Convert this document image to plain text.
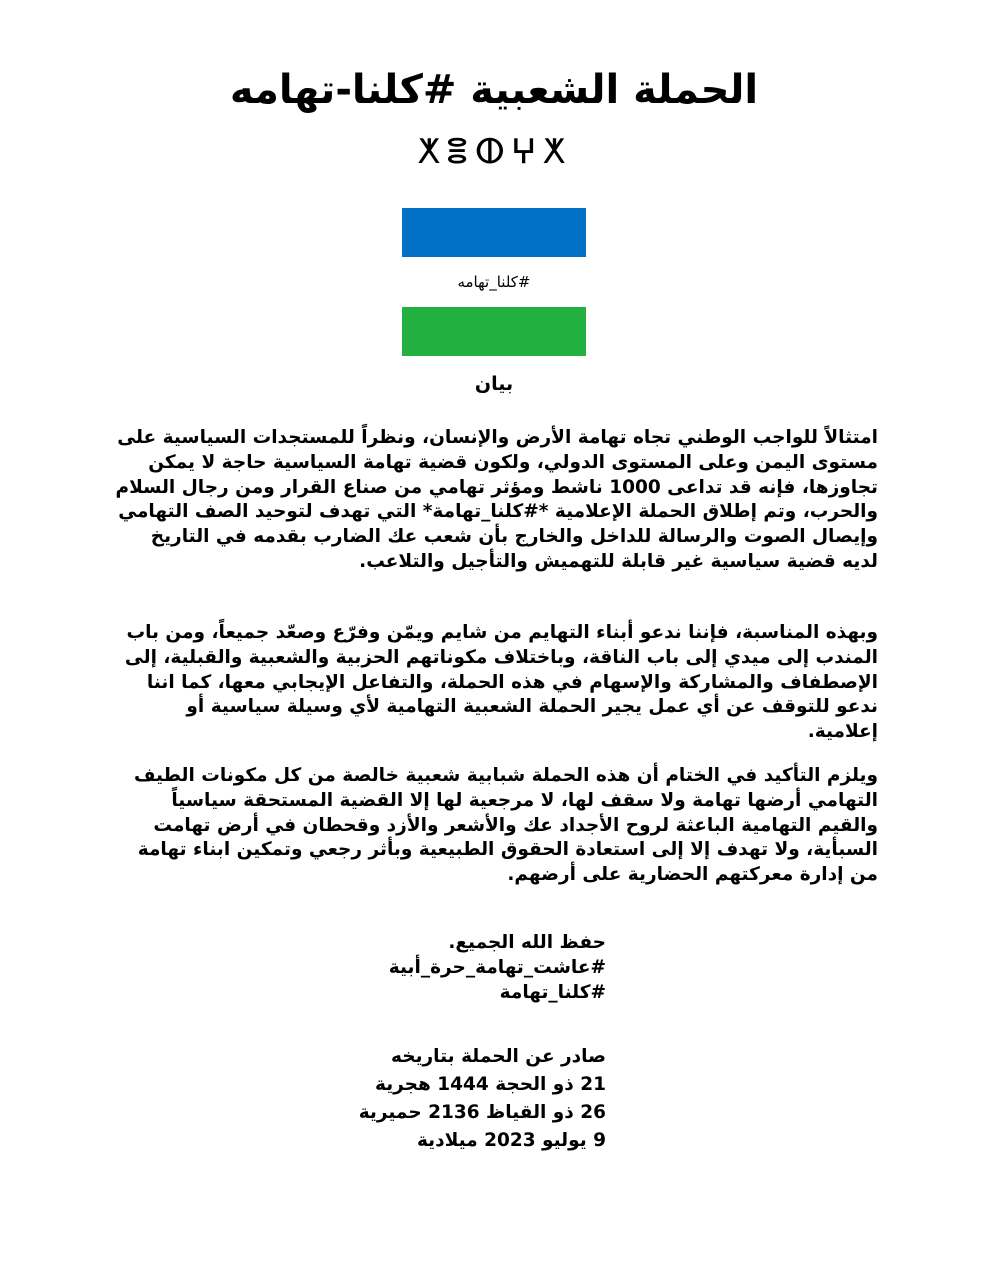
الحملة الشعبية #كلنا-تهامه
ⵅⴻⵀⵖⵅ
#كلنا_تهامه
بيان

امتثالاً للواجب الوطني تجاه تهامة الأرض والإنسان، ونظراً للمستجدات السياسية على مستوى اليمن وعلى المستوى الدولي، ولكون قضية تهامة السياسية حاجة لا يمكن تجاوزها، فإنه قد تداعى 1000 ناشط ومؤثر تهامي من صناع القرار ومن رجال السلام والحرب، وتم إطلاق الحملة الإعلامية *#كلنا_تهامة* التي تهدف لتوحيد الصف التهامي وإيصال الصوت والرسالة للداخل والخارج بأن شعب عك الضارب بقدمه في التاريخ لديه قضية سياسية غير قابلة للتهميش والتأجيل والتلاعب.

وبهذه المناسبة، فإننا ندعو أبناء التهايم من شايم ويمّن وفرّع وصعّد جميعاً، ومن باب المندب إلى ميدي إلى باب الناقة، وباختلاف مكوناتهم الحزبية والشعبية والقبلية، إلى الإصطفاف والمشاركة والإسهام في هذه الحملة، والتفاعل الإيجابي معها، كما اننا ندعو للتوقف عن أي عمل يجير الحملة الشعبية التهامية لأي وسيلة سياسية أو إعلامية.

ويلزم التأكيد في الختام أن هذه الحملة شبابية شعبية خالصة من كل مكونات الطيف التهامي أرضها تهامة ولا سقف لها، لا مرجعية لها إلا القضية المستحقة سياسياً والقيم التهامية الباعثة لروح الأجداد عك والأشعر والأزد وقحطان في أرض تهامت السبأية، ولا تهدف إلا إلى استعادة الحقوق الطبيعية وبأثر رجعي وتمكين ابناء تهامة من إدارة معركتهم الحضارية على أرضهم.

حفظ الله الجميع.
#عاشت_تهامة_حرة_أبية
#كلنا_تهامة
صادر عن الحملة بتاريخه
21 ذو الحجة 1444 هجرية
26 ذو القياظ 2136 حميرية
9 يوليو 2023 ميلادية
